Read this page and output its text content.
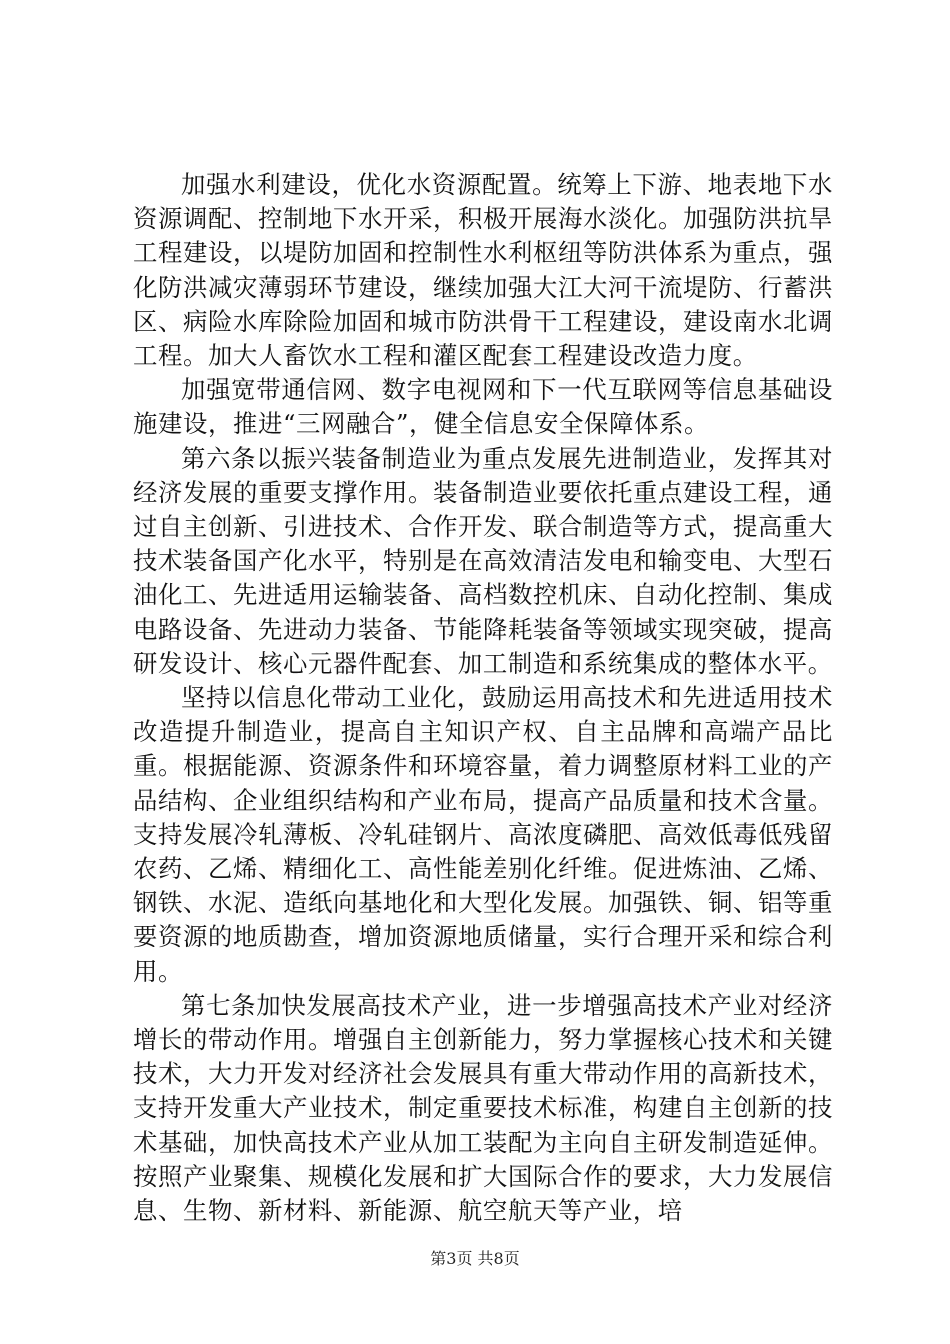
加强水利建设，优化水资源配置。统筹上下游、地表地下水资源调配、控制地下水开采，积极开展海水淡化。加强防洪抗旱工程建设，以堤防加固和控制性水利枢纽等防洪体系为重点，强化防洪减灾薄弱环节建设，继续加强大江大河干流堤防、行蓄洪区、病险水库除险加固和城市防洪骨干工程建设，建设南水北调工程。加大人畜饮水工程和灌区配套工程建设改造力度。

加强宽带通信网、数字电视网和下一代互联网等信息基础设施建设，推进“三网融合”，健全信息安全保障体系。

第六条以振兴装备制造业为重点发展先进制造业，发挥其对经济发展的重要支撑作用。装备制造业要依托重点建设工程，通过自主创新、引进技术、合作开发、联合制造等方式，提高重大技术装备国产化水平，特别是在高效清洁发电和输变电、大型石油化工、先进适用运输装备、高档数控机床、自动化控制、集成电路设备、先进动力装备、节能降耗装备等领域实现突破，提高研发设计、核心元器件配套、加工制造和系统集成的整体水平。

坚持以信息化带动工业化，鼓励运用高技术和先进适用技术改造提升制造业，提高自主知识产权、自主品牌和高端产品比重。根据能源、资源条件和环境容量，着力调整原材料工业的产品结构、企业组织结构和产业布局，提高产品质量和技术含量。支持发展冷轧薄板、冷轧硅钢片、高浓度磷肥、高效低毒低残留农药、乙烯、精细化工、高性能差别化纤维。促进炼油、乙烯、钢铁、水泥、造纸向基地化和大型化发展。加强铁、铜、铝等重要资源的地质勘查，增加资源地质储量，实行合理开采和综合利用。

第七条加快发展高技术产业，进一步增强高技术产业对经济增长的带动作用。增强自主创新能力，努力掌握核心技术和关键技术，大力开发对经济社会发展具有重大带动作用的高新技术，支持开发重大产业技术，制定重要技术标准，构建自主创新的技术基础，加快高技术产业从加工装配为主向自主研发制造延伸。按照产业聚集、规模化发展和扩大国际合作的要求，大力发展信息、生物、新材料、新能源、航空航天等产业，培

第3页 共8页
